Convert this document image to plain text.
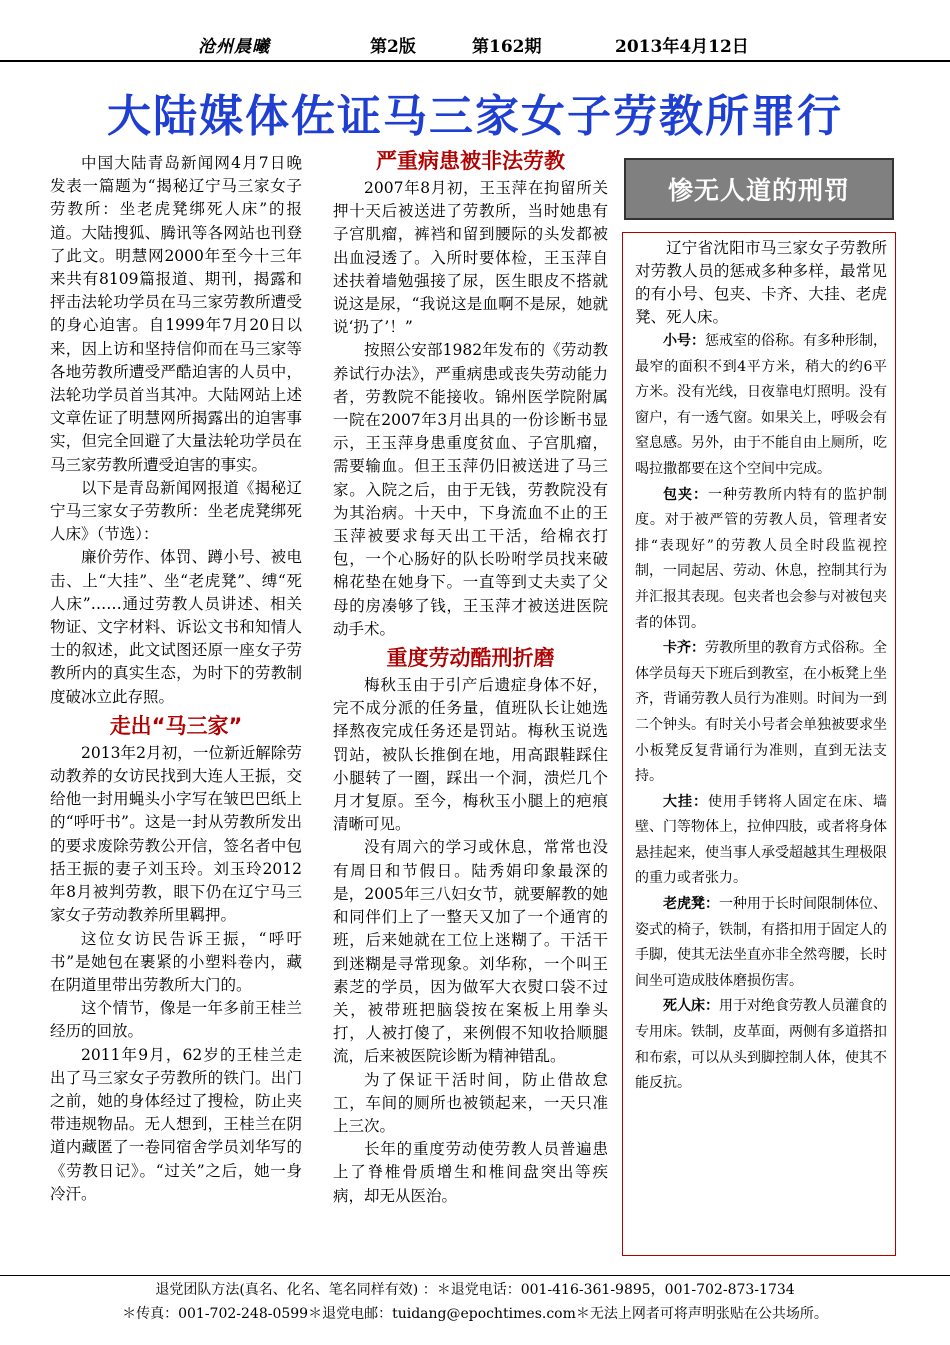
沧州晨曦	第2版	第162期	2013年4月12日
大陆媒体佐证马三家女子劳教所罪行

中国大陆青岛新闻网4月7日晚发表一篇题为“揭秘辽宁马三家女子劳教所：坐老虎凳绑死人床”的报道。大陆搜狐、腾讯等各网站也刊登了此文。明慧网2000年至今十三年来共有8109篇报道、期刊，揭露和抨击法轮功学员在马三家劳教所遭受的身心迫害。自1999年7月20日以来，因上访和坚持信仰而在马三家等各地劳教所遭受严酷迫害的人员中，法轮功学员首当其冲。大陆网站上述文章佐证了明慧网所揭露出的迫害事实，但完全回避了大量法轮功学员在马三家劳教所遭受迫害的事实。

以下是青岛新闻网报道《揭秘辽宁马三家女子劳教所：坐老虎凳绑死人床》（节选）：

廉价劳作、体罚、蹲小号、被电击、上“大挂”、坐“老虎凳”、缚“死人床”……通过劳教人员讲述、相关物证、文字材料、诉讼文书和知情人士的叙述，此文试图还原一座女子劳教所内的真实生态，为时下的劳教制度破冰立此存照。

走出“马三家”

2013年2月初，一位新近解除劳动教养的女访民找到大连人王振，交给他一封用蝇头小字写在皱巴巴纸上的“呼吁书”。这是一封从劳教所发出的要求废除劳教公开信，签名者中包括王振的妻子刘玉玲。刘玉玲2012年8月被判劳教，眼下仍在辽宁马三家女子劳动教养所里羁押。

这位女访民告诉王振，“呼吁书”是她包在裹紧的小塑料卷内，藏在阴道里带出劳教所大门的。

这个情节，像是一年多前王桂兰经历的回放。

2011年9月，62岁的王桂兰走出了马三家女子劳教所的铁门。出门之前，她的身体经过了搜检，防止夹带违规物品。无人想到，王桂兰在阴道内藏匿了一卷同宿舍学员刘华写的《劳教日记》。“过关”之后，她一身冷汗。

严重病患被非法劳教

2007年8月初，王玉萍在拘留所关押十天后被送进了劳教所，当时她患有子宫肌瘤，裤裆和留到腰际的头发都被出血浸透了。入所时要体检，王玉萍自述扶着墙勉强接了尿，医生眼皮不搭就说这是尿，“我说这是血啊不是尿，她就说‘扔了’！”

按照公安部1982年发布的《劳动教养试行办法》，严重病患或丧失劳动能力者，劳教院不能接收。锦州医学院附属一院在2007年3月出具的一份诊断书显示，王玉萍身患重度贫血、子宫肌瘤，需要输血。但王玉萍仍旧被送进了马三家。入院之后，由于无钱，劳教院没有为其治病。十天中，下身流血不止的王玉萍被要求每天出工干活，给棉衣打包，一个心肠好的队长吩咐学员找来破棉花垫在她身下。一直等到丈夫卖了父母的房凑够了钱，王玉萍才被送进医院动手术。

重度劳动酷刑折磨

梅秋玉由于引产后遗症身体不好，完不成分派的任务量，值班队长让她选择熬夜完成任务还是罚站。梅秋玉说选罚站，被队长推倒在地，用高跟鞋踩住小腿转了一圈，踩出一个洞，溃烂几个月才复原。至今，梅秋玉小腿上的疤痕清晰可见。

没有周六的学习或休息，常常也没有周日和节假日。陆秀娟印象最深的是，2005年三八妇女节，就要解教的她和同伴们上了一整天又加了一个通宵的班，后来她就在工位上迷糊了。干活干到迷糊是寻常现象。刘华称，一个叫王素芝的学员，因为做军大衣熨口袋不过关，被带班把脑袋按在案板上用拳头打，人被打傻了，来例假不知收拾顺腿流，后来被医院诊断为精神错乱。

为了保证干活时间，防止借故怠工，车间的厕所也被锁起来，一天只准上三次。

长年的重度劳动使劳教人员普遍患上了脊椎骨质增生和椎间盘突出等疾病，却无从医治。

惨无人道的刑罚

辽宁省沈阳市马三家女子劳教所对劳教人员的惩戒多种多样，最常见的有小号、包夹、卡齐、大挂、老虎凳、死人床。

小号：惩戒室的俗称。有多种形制，最窄的面积不到4平方米，稍大的约6平方米。没有光线，日夜靠电灯照明。没有窗户，有一透气窗。如果关上，呼吸会有窒息感。另外，由于不能自由上厕所，吃喝拉撒都要在这个空间中完成。

包夹：一种劳教所内特有的监护制度。对于被严管的劳教人员，管理者安排“表现好”的劳教人员全时段监视控制，一同起居、劳动、休息，控制其行为并汇报其表现。包夹者也会参与对被包夹者的体罚。

卡齐：劳教所里的教育方式俗称。全体学员每天下班后到教室，在小板凳上坐齐，背诵劳教人员行为准则。时间为一到二个钟头。有时关小号者会单独被要求坐小板凳反复背诵行为准则，直到无法支持。

大挂：使用手铐将人固定在床、墙壁、门等物体上，拉伸四肢，或者将身体悬挂起来，使当事人承受超越其生理极限的重力或者张力。

老虎凳：一种用于长时间限制体位、姿式的椅子，铁制，有搭扣用于固定人的手脚，使其无法坐直亦非全然弯腰，长时间坐可造成肢体磨损伤害。

死人床：用于对绝食劳教人员灌食的专用床。铁制，皮革面，两侧有多道搭扣和布索，可以从头到脚控制人体，使其不能反抗。

退党团队方法(真名、化名、笔名同样有效) ：＊退党电话：001-416-361-9895，001-702-873-1734
＊传真：001-702-248-0599＊退党电邮：tuidang@epochtimes.com＊无法上网者可将声明张贴在公共场所。
